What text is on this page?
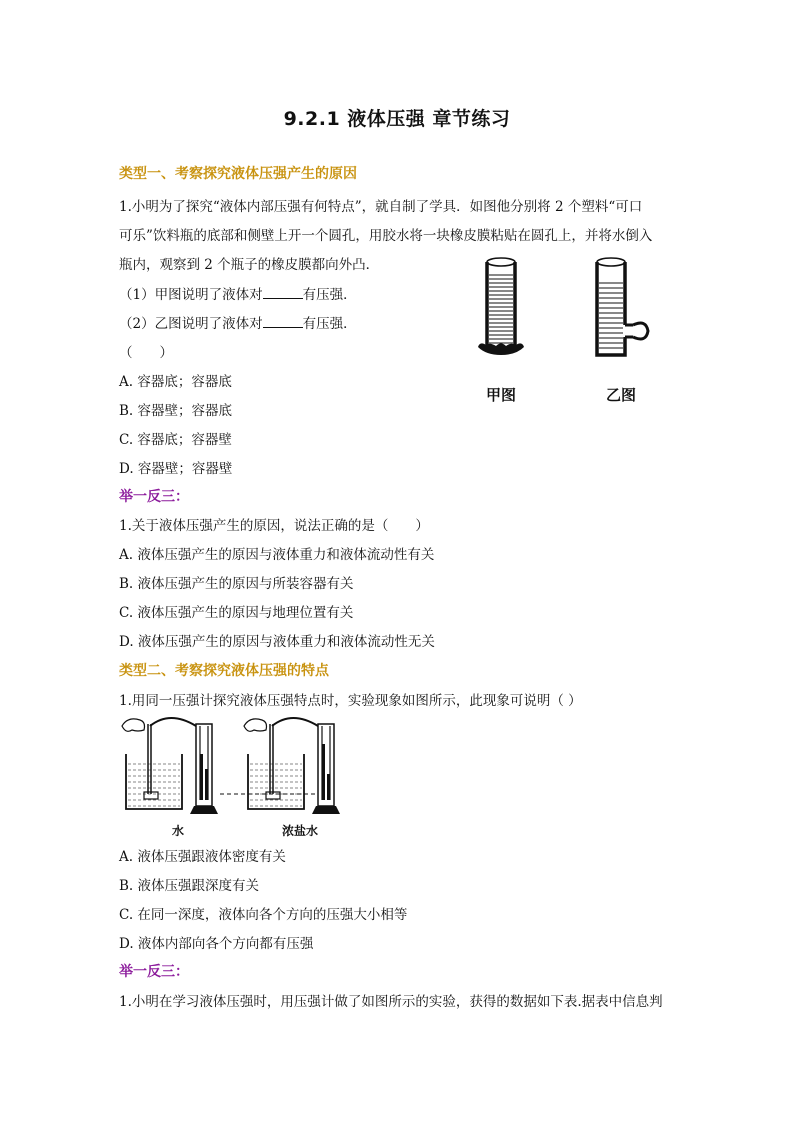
9.2.1 液体压强 章节练习
类型一、考察探究液体压强产生的原因
1.小明为了探究“液体内部压强有何特点”，就自制了学具．如图他分别将 2 个塑料“可口
可乐”饮料瓶的底部和侧壁上开一个圆孔，用胶水将一块橡皮膜粘贴在圆孔上，并将水倒入
瓶内，观察到 2 个瓶子的橡皮膜都向外凸．
（1）甲图说明了液体对	有压强．
（2）乙图说明了液体对	有压强．
（　　）
A. 容器底；容器底
B. 容器壁；容器底
C. 容器底；容器壁
D. 容器壁；容器壁
甲图	乙图
举一反三：
1.关于液体压强产生的原因，说法正确的是（　　）
A. 液体压强产生的原因与液体重力和液体流动性有关
B. 液体压强产生的原因与所装容器有关
C. 液体压强产生的原因与地理位置有关
D. 液体压强产生的原因与液体重力和液体流动性无关
类型二、考察探究液体压强的特点
1.用同一压强计探究液体压强特点时，实验现象如图所示，此现象可说明（ ）
水	浓盐水
A. 液体压强跟液体密度有关
B. 液体压强跟深度有关
C. 在同一深度，液体向各个方向的压强大小相等
D. 液体内部向各个方向都有压强
举一反三：
1.小明在学习液体压强时，用压强计做了如图所示的实验，获得的数据如下表.据表中信息判
